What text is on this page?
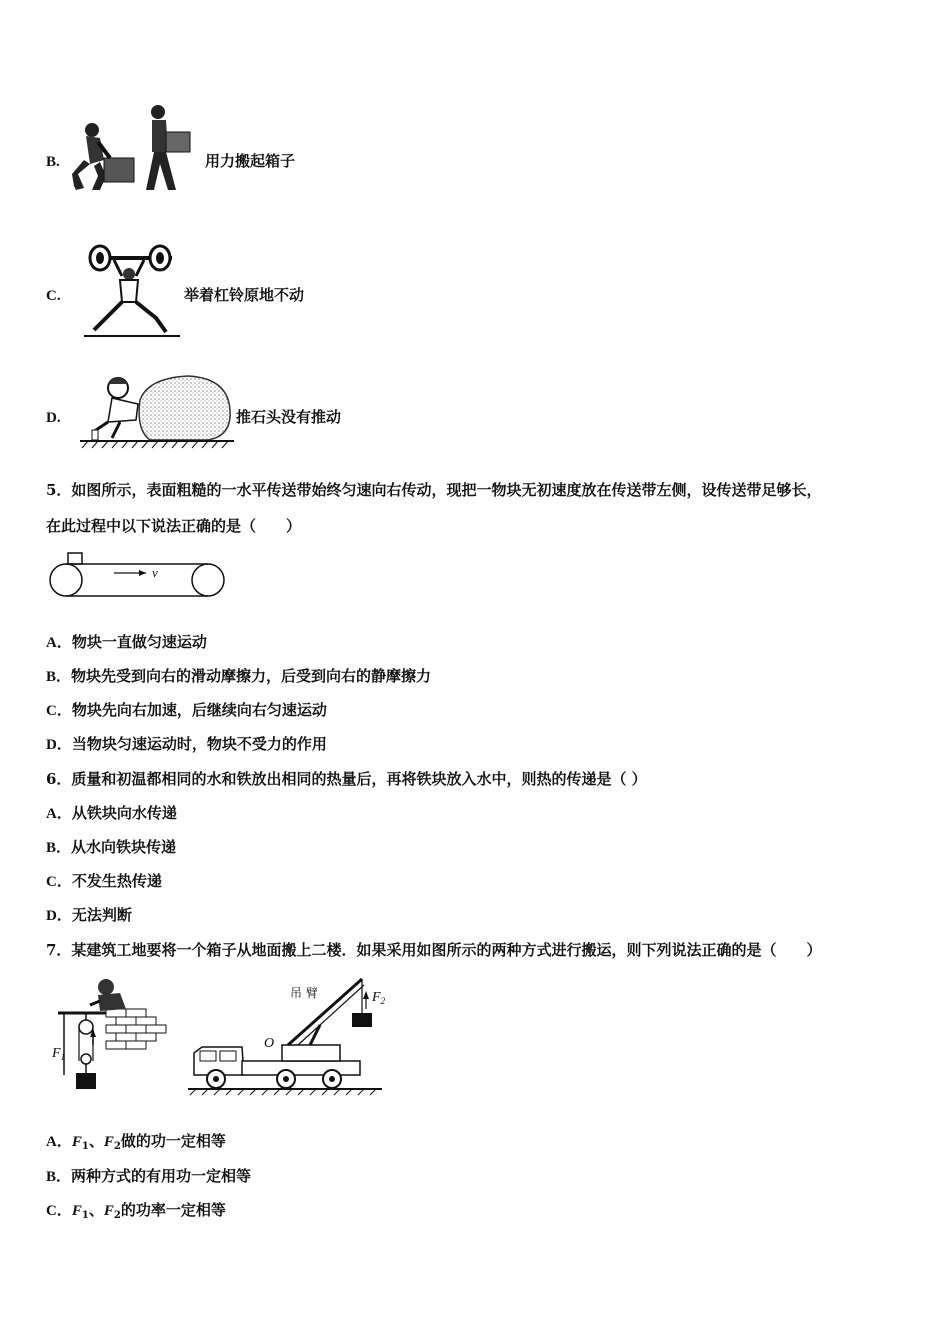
B.	用力搬起箱子
C.	举着杠铃原地不动
D.	推石头没有推动
5．如图所示，表面粗糙的一水平传送带始终匀速向右传动，现把一物块无初速度放在传送带左侧，设传送带足够长，
在此过程中以下说法正确的是（　　）
v
A．物块一直做匀速运动
B．物块先受到向右的滑动摩擦力，后受到向右的静摩擦力
C．物块先向右加速，后继续向右匀速运动
D．当物块匀速运动时，物块不受力的作用
6．质量和初温都相同的水和铁放出相同的热量后，再将铁块放入水中，则热的传递是（ ）
A．从铁块向水传递
B．从水向铁块传递
C．不发生热传递
D．无法判断
7．某建筑工地要将一个箱子从地面搬上二楼．如果采用如图所示的两种方式进行搬运，则下列说法正确的是（　　）
$F_1$
$F_2$
吊 臂
O
A．$F_1$、$F_2$做的功一定相等
B．两种方式的有用功一定相等
C．$F_1$、$F_2$的功率一定相等
